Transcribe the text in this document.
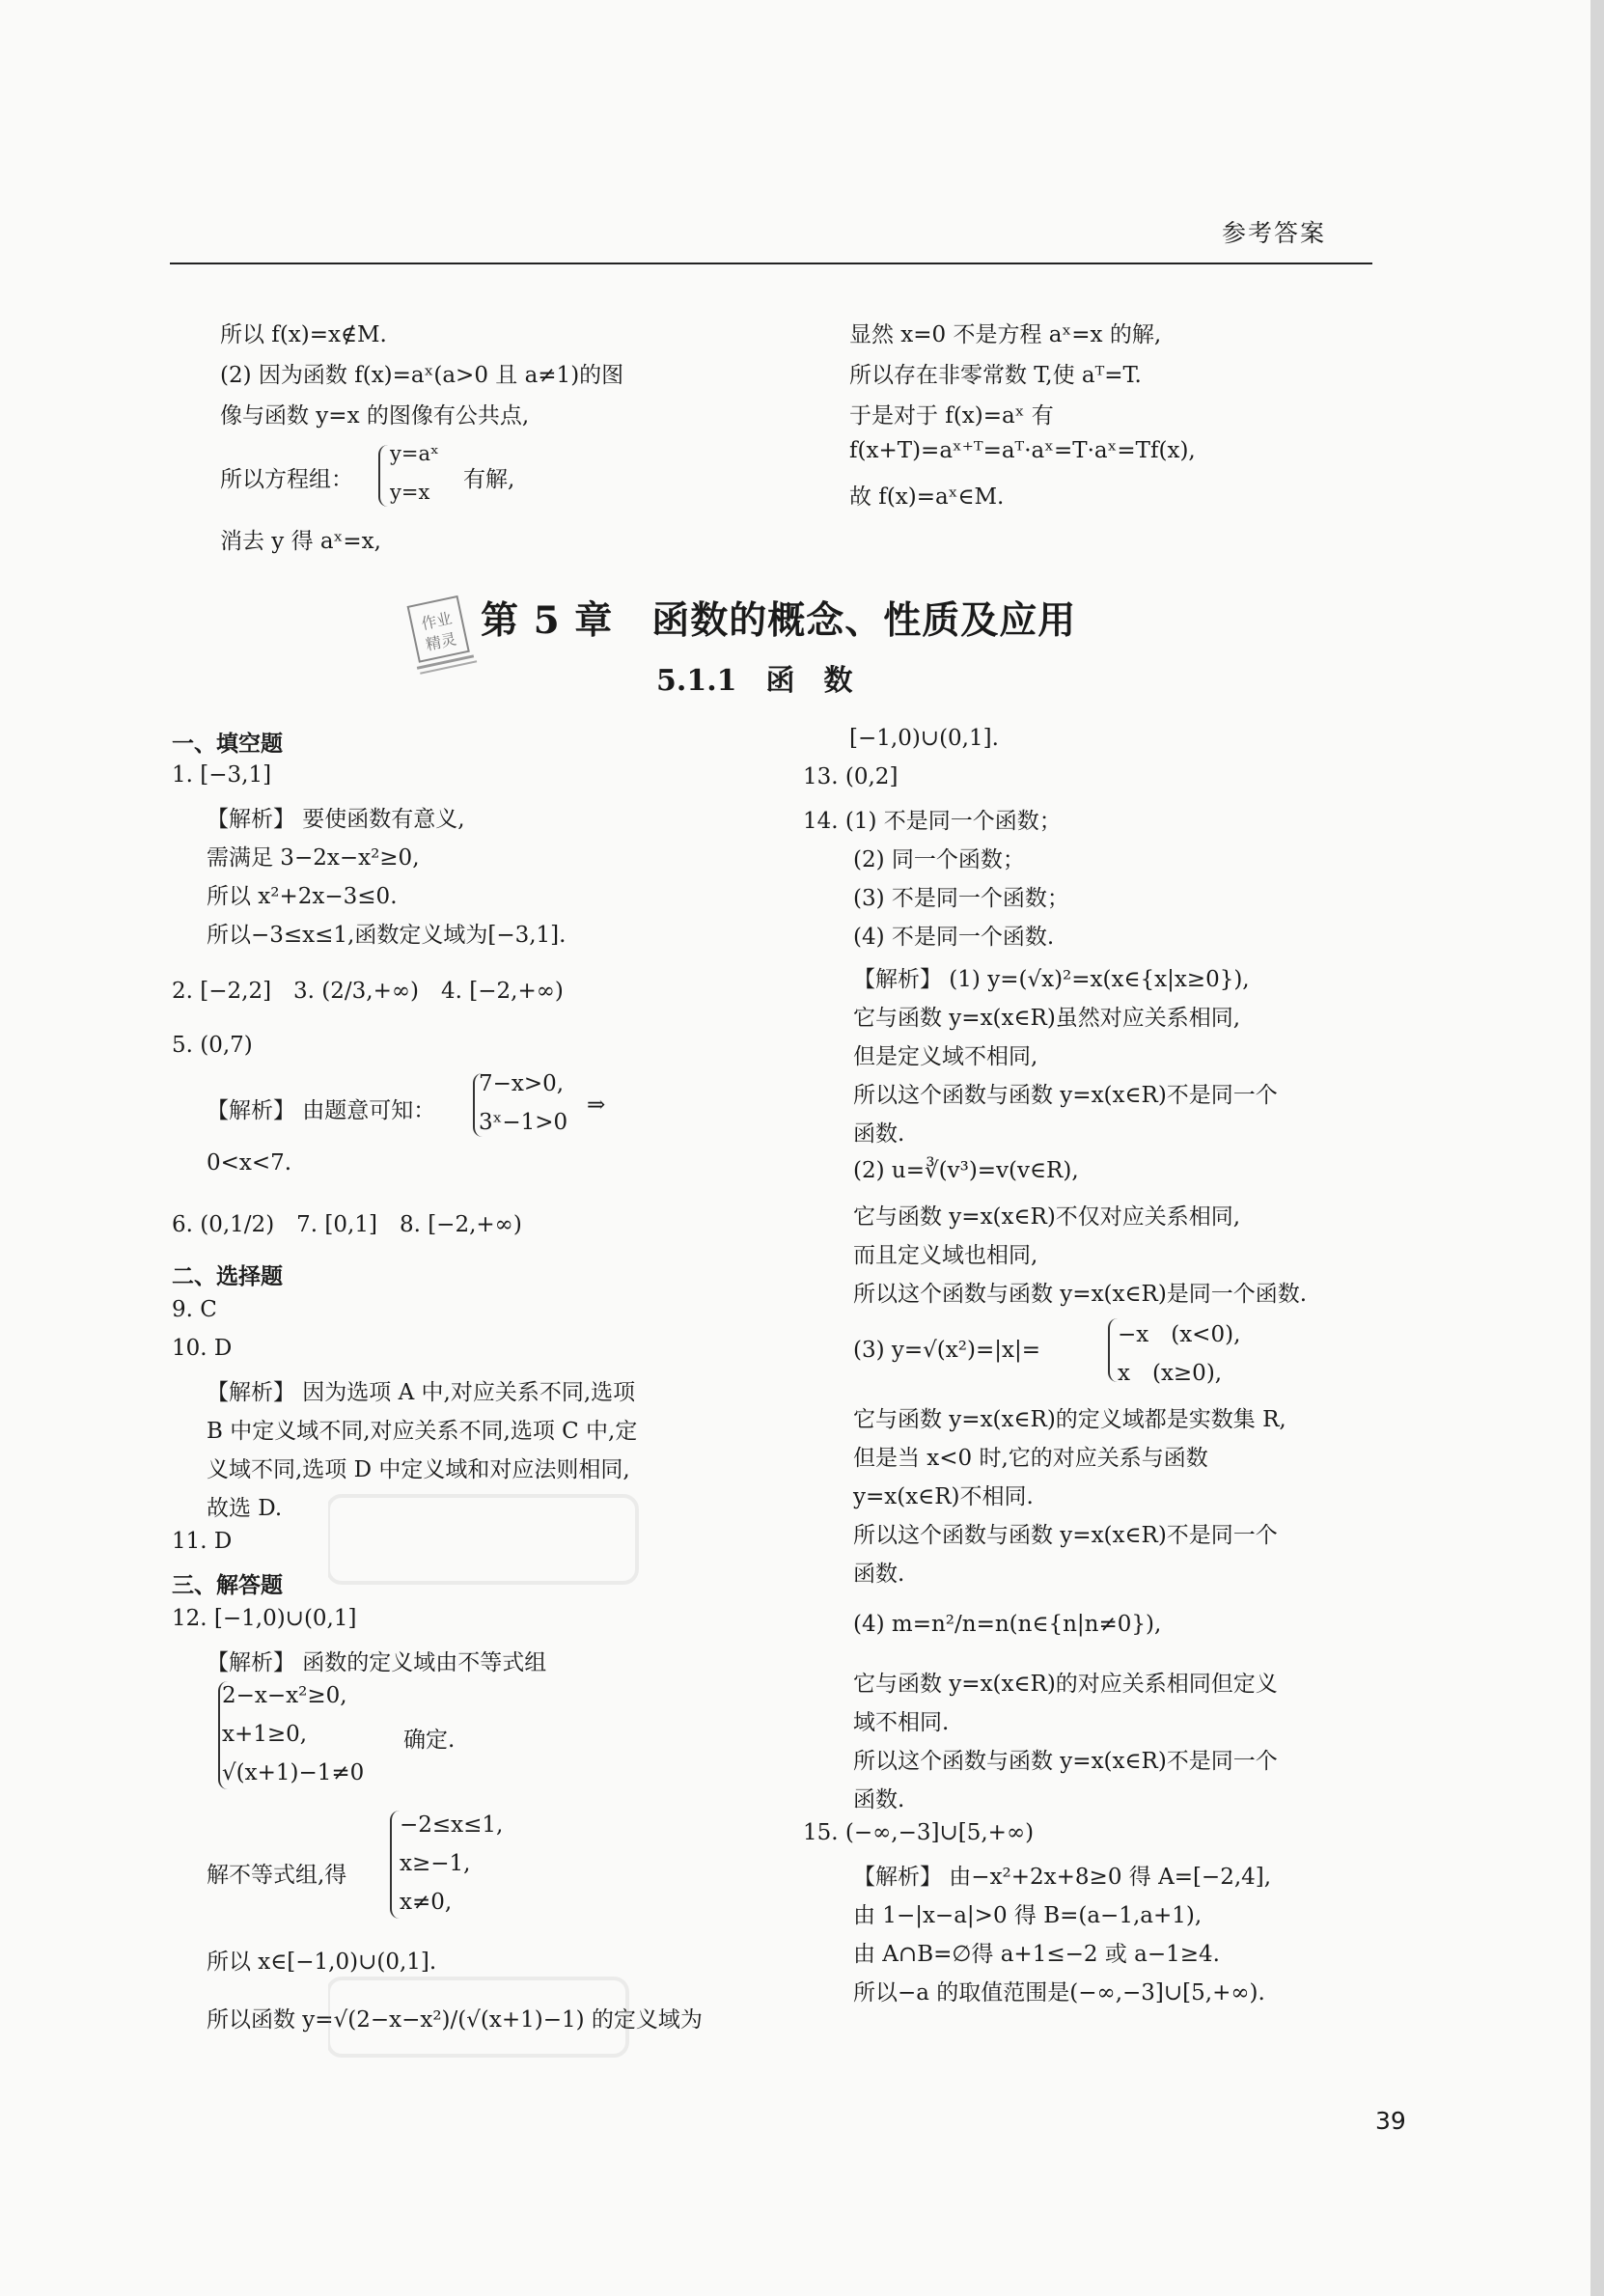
参考答案
所以 f(x)=x∉M.
(2) 因为函数 f(x)=aˣ(a>0 且 a≠1)的图
像与函数 y=x 的图像有公共点,
所以方程组：
y=aˣ
y=x 有解,
消去 y 得 aˣ=x,
显然 x=0 不是方程 aˣ=x 的解,
所以存在非零常数 T,使 aᵀ=T.
于是对于 f(x)=aˣ 有
f(x+T)=aˣ⁺ᵀ=aᵀ·aˣ=T·aˣ=Tf(x),
故 f(x)=aˣ∈M.
作业
精灵 第 5 章　函数的概念、性质及应用
5.1.1　函　数
一、填空题
1. [−3,1]
【解析】 要使函数有意义,
需满足 3−2x−x²≥0,
所以 x²+2x−3≤0.
所以−3≤x≤1,函数定义域为[−3,1].
2. [−2,2]　3. (2/3,+∞)　4. [−2,+∞)
5. (0,7)
【解析】 由题意可知：
7−x>0,
3ˣ−1>0
⇒
0<x<7.
6. (0,1/2)　7. [0,1]　8. [−2,+∞)
二、选择题
9. C
10. D
【解析】 因为选项 A 中,对应关系不同,选项
B 中定义域不同,对应关系不同,选项 C 中,定
义域不同,选项 D 中定义域和对应法则相同,
故选 D.
11. D
三、解答题
12. [−1,0)∪(0,1]
【解析】 函数的定义域由不等式组
2−x−x²≥0,
x+1≥0,
√(x+1)−1≠0
确定.
解不等式组,得
−2≤x≤1,
x≥−1,
x≠0,
所以 x∈[−1,0)∪(0,1].
所以函数 y=√(2−x−x²)/(√(x+1)−1) 的定义域为
[−1,0)∪(0,1].
13. (0,2]
14. (1) 不是同一个函数；
(2) 同一个函数；
(3) 不是同一个函数；
(4) 不是同一个函数.
【解析】 (1) y=(√x)²=x(x∈{x|x≥0}),
它与函数 y=x(x∈R)虽然对应关系相同,
但是定义域不相同,
所以这个函数与函数 y=x(x∈R)不是同一个
函数.
(2) u=∛(v³)=v(v∈R),
它与函数 y=x(x∈R)不仅对应关系相同,
而且定义域也相同,
所以这个函数与函数 y=x(x∈R)是同一个函数.
(3) y=√(x²)=|x|=
−x　(x<0),
x　(x≥0),
它与函数 y=x(x∈R)的定义域都是实数集 R,
但是当 x<0 时,它的对应关系与函数
y=x(x∈R)不相同.
所以这个函数与函数 y=x(x∈R)不是同一个
函数.
(4) m=n²/n=n(n∈{n|n≠0}),
它与函数 y=x(x∈R)的对应关系相同但定义
域不相同.
所以这个函数与函数 y=x(x∈R)不是同一个
函数.
15. (−∞,−3]∪[5,+∞)
【解析】 由−x²+2x+8≥0 得 A=[−2,4],
由 1−|x−a|>0 得 B=(a−1,a+1),
由 A∩B=∅得 a+1≤−2 或 a−1≥4.
所以−a 的取值范围是(−∞,−3]∪[5,+∞).
39
